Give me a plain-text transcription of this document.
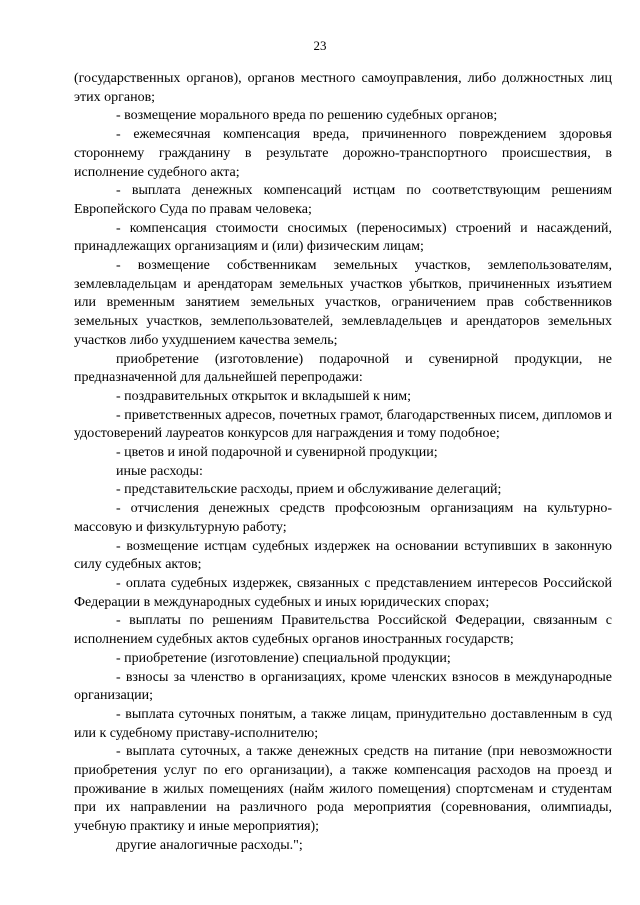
23

(государственных органов), органов местного самоуправления, либо должностных лиц этих органов;

- возмещение морального вреда по решению судебных органов;

- ежемесячная компенсация вреда, причиненного повреждением здоровья стороннему гражданину в результате дорожно-транспортного происшествия, в исполнение судебного акта;

- выплата денежных компенсаций истцам по соответствующим решениям Европейского Суда по правам человека;

- компенсация стоимости сносимых (переносимых) строений и насаждений, принадлежащих организациям и (или) физическим лицам;

- возмещение собственникам земельных участков, землепользователям, землевладельцам и арендаторам земельных участков убытков, причиненных изъятием или временным занятием земельных участков, ограничением прав собственников земельных участков, землепользователей, землевладельцев и арендаторов земельных участков либо ухудшением качества земель;

приобретение (изготовление) подарочной и сувенирной продукции, не предназначенной для дальнейшей перепродажи:

- поздравительных открыток и вкладышей к ним;

- приветственных адресов, почетных грамот, благодарственных писем, дипломов и удостоверений лауреатов конкурсов для награждения и тому подобное;

- цветов и иной подарочной и сувенирной продукции;

иные расходы:

- представительские расходы, прием и обслуживание делегаций;

- отчисления денежных средств профсоюзным организациям на культурно-массовую и физкультурную работу;

- возмещение истцам судебных издержек на основании вступивших в законную силу судебных актов;

- оплата судебных издержек, связанных с представлением интересов Российской Федерации в международных судебных и иных юридических спорах;

- выплаты по решениям Правительства Российской Федерации, связанным с исполнением судебных актов судебных органов иностранных государств;

- приобретение (изготовление) специальной продукции;

- взносы за членство в организациях, кроме членских взносов в международные организации;

- выплата суточных понятым, а также лицам, принудительно доставленным в суд или к судебному приставу-исполнителю;

- выплата суточных, а также денежных средств на питание (при невозможности приобретения услуг по его организации), а также компенсация расходов на проезд и проживание в жилых помещениях (найм жилого помещения) спортсменам и студентам при их направлении на различного рода мероприятия (соревнования, олимпиады, учебную практику и иные мероприятия);

другие аналогичные расходы.";
